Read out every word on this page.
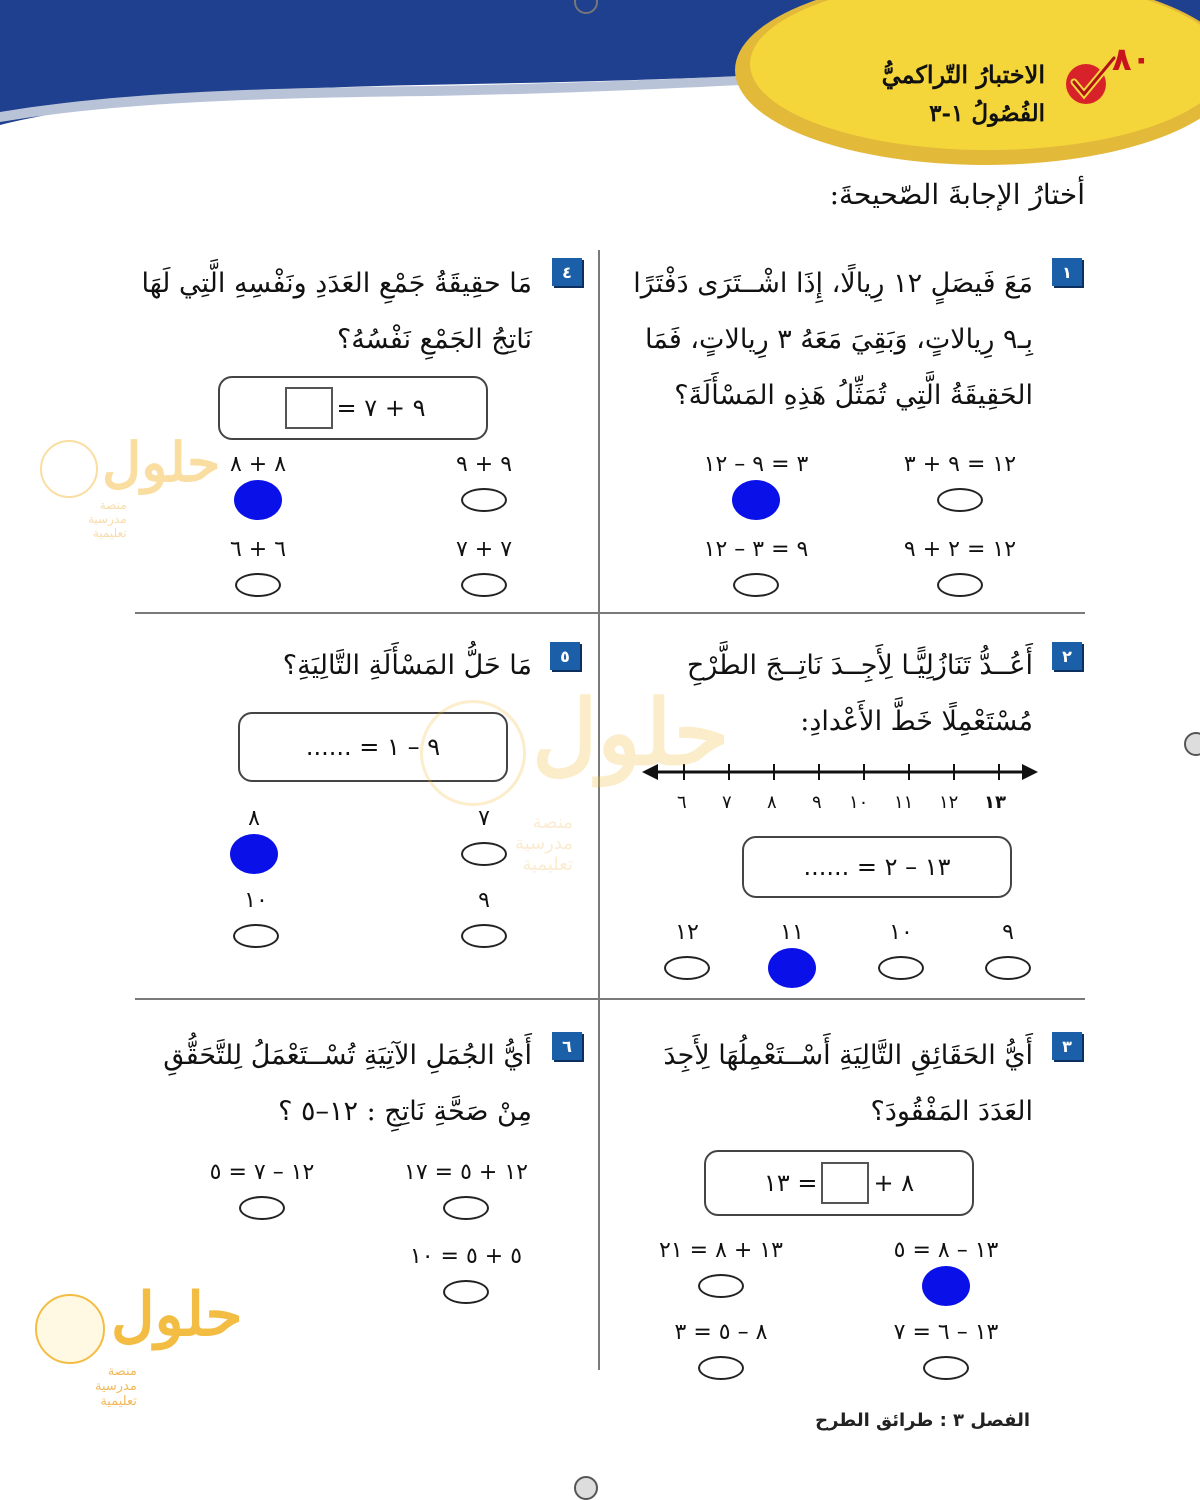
٨٠
الاختبارُ التّراكميُّ
الفُصُولُ ١-٣
أختارُ الإجابةَ الصّحيحةَ:
١
مَعَ فَيصَلٍ ١٢ رِيالًا، إِذَا اشْــتَرَى دَفْتَرًا
بِـ٩ رِيالاتٍ، وَبَقِيَ مَعَهُ ٣ رِيالاتٍ، فَمَا
الحَقِيقَةُ الَّتِي تُمَثِّلُ هَذِهِ المَسْأَلَةَ؟
١٢ = ٩ + ٣
٣ = ٩ – ١٢
١٢ = ٢ + ٩
٩ = ٣ – ١٢
٤
مَا حقِيقَةُ جَمْعِ العَدَدِ ونَفْسِهِ الَّتِي لَهَا
نَاتِجُ الجَمْعِ نَفْسُهُ؟
٩ + ٧ =
٩ + ٩
٨ + ٨
٧ + ٧
٦ + ٦
٢
أَعُــدُّ تَنَازُلِيًّـا لِأَجِــدَ نَاتِــجَ الطَّرْحِ
مُسْتَعْمِلًا خَطَّ الأَعْدادِ:
١٣
١٢
١١
١٠
٩
٨
٧
٦
١٣ – ٢ = ......
٩
١٠
١١
١٢
٥
مَا حَلُّ المَسْأَلَةِ التَّالِيَةِ؟
٩ – ١ = ......
٧
٨
٩
١٠
٣
أَيُّ الحَقَائِقِ التَّالِيَةِ أَسْــتَعْمِلُهَا لِأَجِدَ
العَدَدَ المَفْقُودَ؟
٨ +
= ١٣
١٣ – ٨ = ٥
١٣ + ٨ = ٢١
١٣ – ٦ = ٧
٨ – ٥ = ٣
٦
أَيُّ الجُمَلِ الآتِيَةِ تُسْــتَعْمَلُ لِلتَّحَقُّقِ
مِنْ صَحَّةِ نَاتِجِ : ١٢–٥ ؟
١٢ + ٥ = ١٧
١٢ – ٧ = ٥
٥ + ٥ = ١٠
الفصل ٣ : طرائق الطرح
حلول
منصة مدرسية تعليمية
حلول
منصة مدرسية تعليمية
حلول
منصة مدرسية تعليمية
